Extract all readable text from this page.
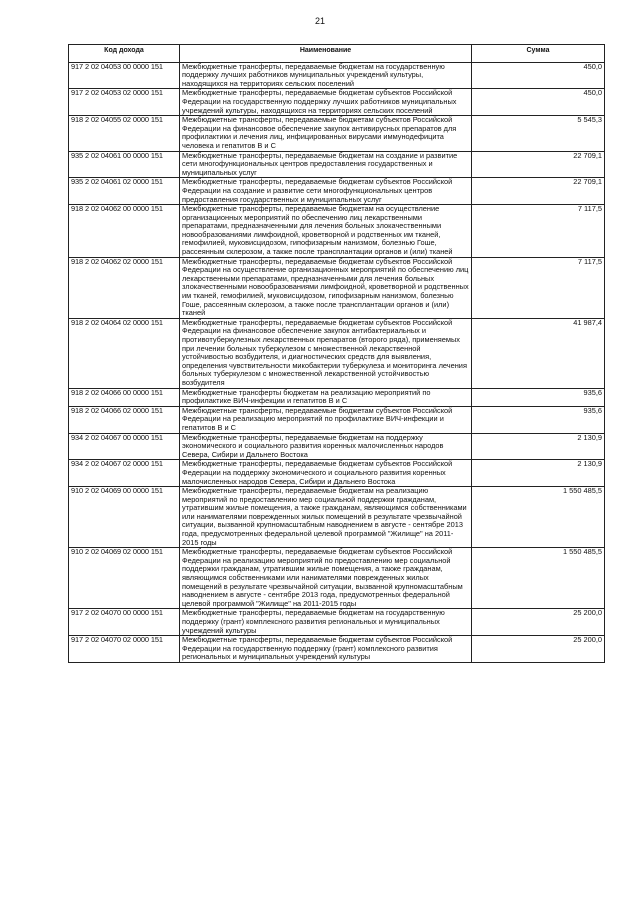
21
Код дохода	Наименование	Сумма
917 2 02 04053 00 0000 151	Межбюджетные трансферты, передаваемые бюджетам на государственную поддержку лучших работников муниципальных учреждений культуры, находящихся на территориях сельских поселений	450,0
917 2 02 04053 02 0000 151	Межбюджетные трансферты, передаваемые бюджетам субъектов Российской Федерации на государственную поддержку лучших работников муниципальных учреждений культуры, находящихся на территориях сельских поселений	450,0
918 2 02 04055 02 0000 151	Межбюджетные трансферты, передаваемые бюджетам субъектов Российской Федерации на финансовое обеспечение закупок антивирусных препаратов для профилактики и лечения лиц, инфицированных вирусами иммунодефицита человека и гепатитов В и С	5 545,3
935 2 02 04061 00 0000 151	Межбюджетные трансферты, передаваемые бюджетам на создание и развитие сети многофункциональных центров предоставления государственных и муниципальных услуг	22 709,1
935 2 02 04061 02 0000 151	Межбюджетные трансферты, передаваемые бюджетам субъектов Российской Федерации на создание и развитие сети многофункциональных центров предоставления государственных и муниципальных услуг	22 709,1
918 2 02 04062 00 0000 151	Межбюджетные трансферты, передаваемые бюджетам на осуществление организационных мероприятий по обеспечению лиц лекарственными препаратами, предназначенными для лечения больных злокачественными новообразованиями лимфоидной, кроветворной и родственных им тканей, гемофилией, муковисцидозом, гипофизарным нанизмом, болезнью Гоше, рассеянным склерозом, а также после трансплантации органов и (или) тканей	7 117,5
918 2 02 04062 02 0000 151	Межбюджетные трансферты, передаваемые бюджетам субъектов Российской Федерации на осуществление организационных мероприятий по обеспечению лиц лекарственными препаратами, предназначенными для лечения больных злокачественными новообразованиями лимфоидной, кроветворной и родственных им тканей, гемофилией, муковисцидозом, гипофизарным нанизмом, болезнью Гоше, рассеянным склерозом, а также после трансплантации органов и (или) тканей	7 117,5
918 2 02 04064 02 0000 151	Межбюджетные трансферты, передаваемые бюджетам субъектов Российской Федерации на финансовое обеспечение закупок антибактериальных и противотуберкулезных лекарственных препаратов (второго ряда), применяемых при лечении больных туберкулезом с множественной лекарственной устойчивостью возбудителя, и диагностических средств для выявления, определения чувствительности микобактерии туберкулеза и мониторинга лечения больных туберкулезом с множественной лекарственной устойчивостью возбудителя	41 987,4
918 2 02 04066 00 0000 151	Межбюджетные трансферты бюджетам на реализацию мероприятий по профилактике ВИЧ-инфекции и гепатитов В и С	935,6
918 2 02 04066 02 0000 151	Межбюджетные трансферты, передаваемые бюджетам субъектов Российской Федерации на реализацию мероприятий по профилактике ВИЧ-инфекции и гепатитов В и С	935,6
934 2 02 04067 00 0000 151	Межбюджетные трансферты, передаваемые бюджетам на поддержку экономического и социального развития коренных малочисленных народов Севера, Сибири и Дальнего Востока	2 130,9
934 2 02 04067 02 0000 151	Межбюджетные трансферты, передаваемые бюджетам субъектов Российской Федерации на поддержку экономического и социального развития коренных малочисленных народов Севера, Сибири и Дальнего Востока	2 130,9
910 2 02 04069 00 0000 151	Межбюджетные трансферты, передаваемые бюджетам на реализацию мероприятий по предоставлению мер социальной поддержки гражданам, утратившим жилые помещения, а также гражданам, являющимся собственниками или нанимателями поврежденных жилых помещений в результате чрезвычайной ситуации, вызванной крупномасштабным наводнением в августе - сентябре 2013 года, предусмотренных федеральной целевой программой "Жилище" на 2011-2015 годы	1 550 485,5
910 2 02 04069 02 0000 151	Межбюджетные трансферты, передаваемые бюджетам субъектов Российской Федерации на реализацию мероприятий по предоставлению мер социальной поддержки гражданам, утратившим жилые помещения, а также гражданам, являющимся собственниками или нанимателями поврежденных жилых помещений в результате чрезвычайной ситуации, вызванной крупномасштабным наводнением в августе - сентябре 2013 года, предусмотренных федеральной целевой программой "Жилище" на 2011-2015 годы	1 550 485,5
917 2 02 04070 00 0000 151	Межбюджетные трансферты, передаваемые бюджетам на государственную поддержку (грант) комплексного развития региональных и муниципальных учреждений культуры	25 200,0
917 2 02 04070 02 0000 151	Межбюджетные трансферты, передаваемые бюджетам субъектов Российской Федерации на государственную поддержку (грант) комплексного развития региональных и муниципальных учреждений культуры	25 200,0
